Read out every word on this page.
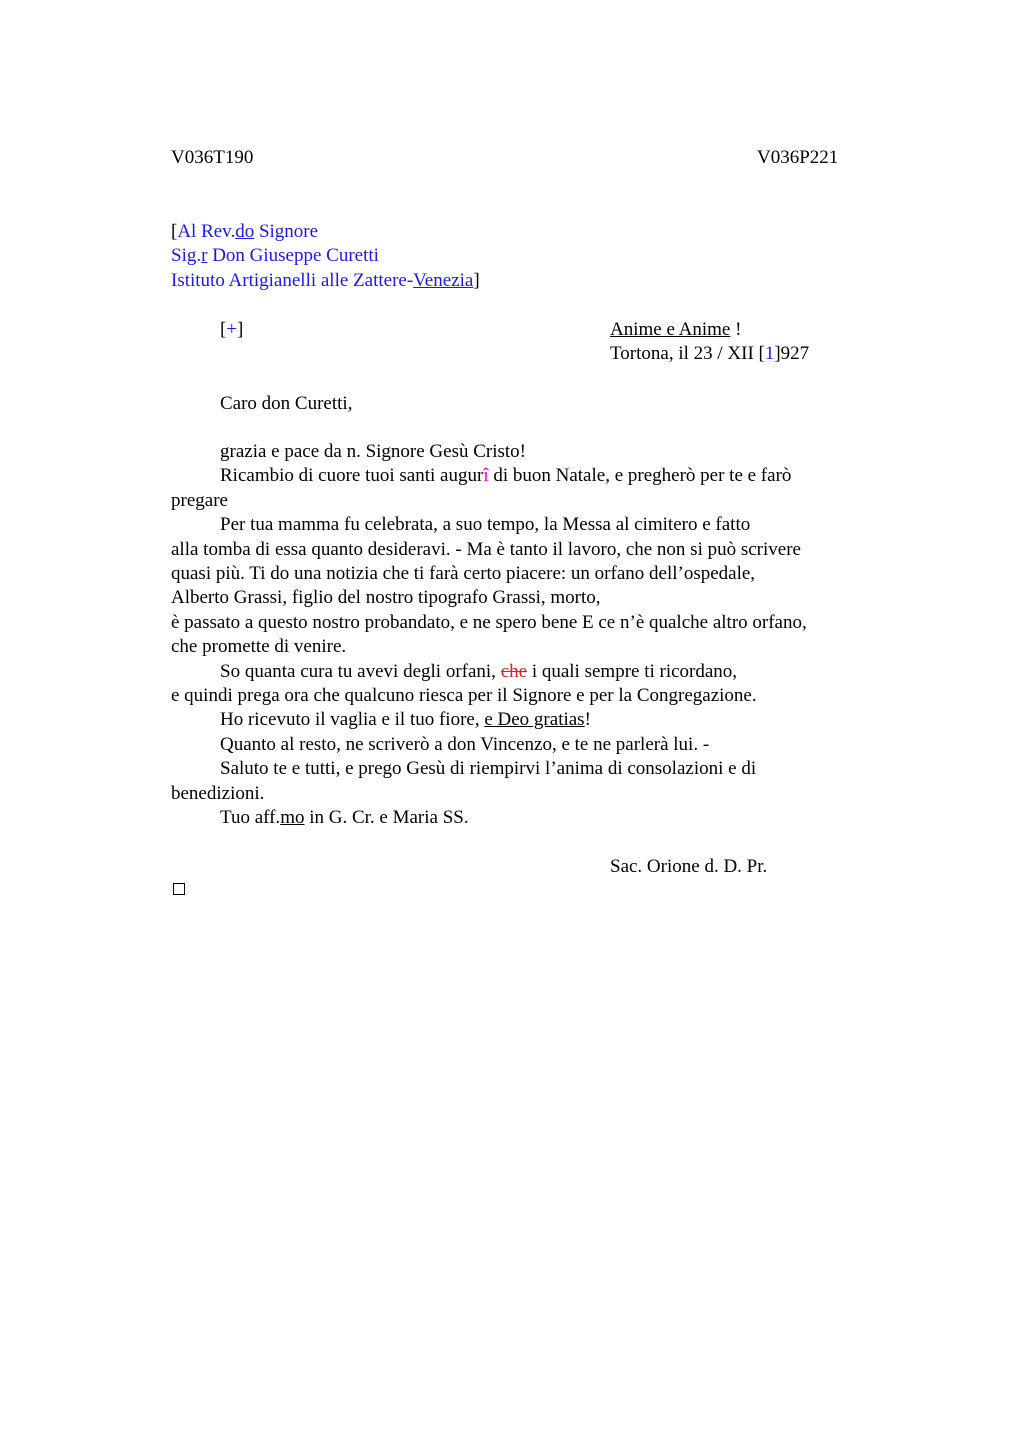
V036T190	V036P221
[Al Rev.do Signore
Sig.r Don Giuseppe Curetti
Istituto Artigianelli alle Zattere-Venezia]
[+]	Anime e Anime !
Tortona, il 23 / XII [1]927
Caro don Curetti,
grazia e pace da n. Signore Gesù Cristo!
Ricambio di cuore tuoi santi augurî di buon Natale, e pregherò per te e farò
pregare
Per tua mamma fu celebrata, a suo tempo, la Messa al cimitero e fatto
alla tomba di essa quanto desideravi. - Ma è tanto il lavoro, che non si può scrivere
quasi più. Ti do una notizia che ti farà certo piacere: un orfano dell’ospedale,
Alberto Grassi, figlio del nostro tipografo Grassi, morto,
è passato a questo nostro probandato, e ne spero bene E ce n’è qualche altro orfano,
che promette di venire.
So quanta cura tu avevi degli orfani, che i quali sempre ti ricordano,
e quindi prega ora che qualcuno riesca per il Signore e per la Congregazione.
Ho ricevuto il vaglia e il tuo fiore, e Deo gratias!
Quanto al resto, ne scriverò a don Vincenzo, e te ne parlerà lui. -
Saluto te e tutti, e prego Gesù di riempirvi l’anima di consolazioni e di
benedizioni.
Tuo aff.mo in G. Cr. e Maria SS.
Sac. Orione d. D. Pr.
